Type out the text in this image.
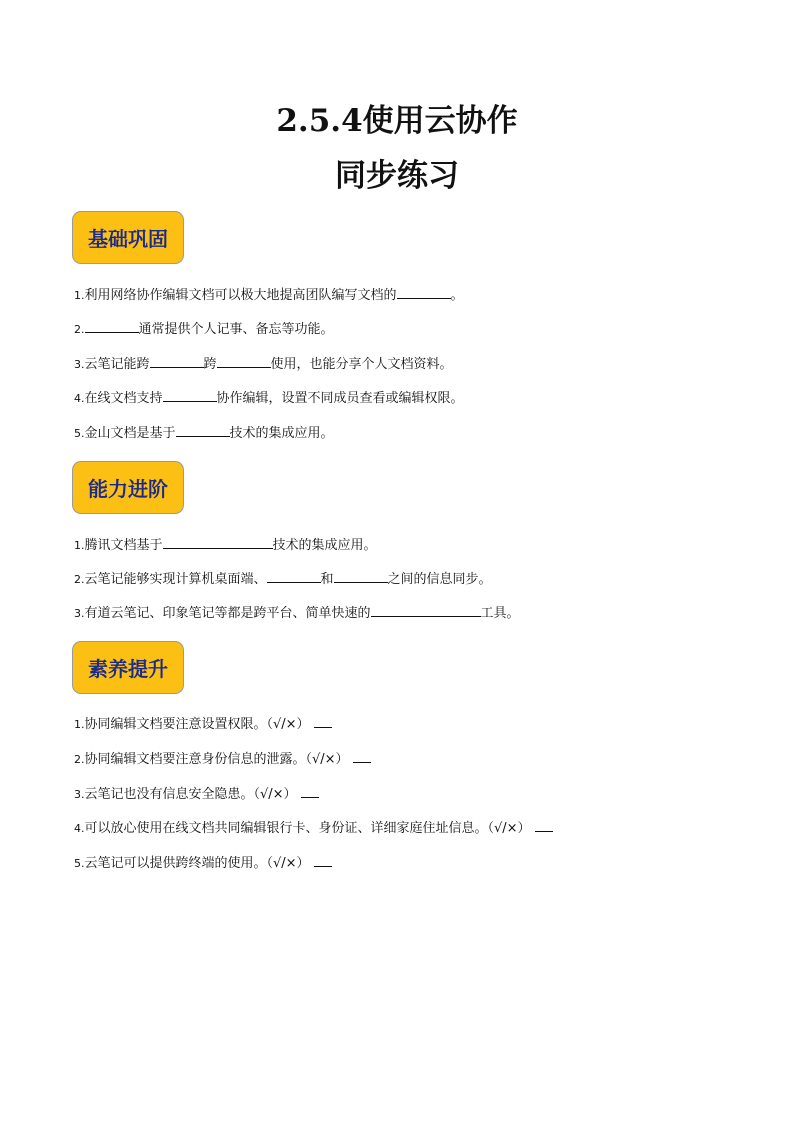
2.5.4使用云协作
同步练习
基础巩固
1.利用网络协作编辑文档可以极大地提高团队编写文档的	。
2.	通常提供个人记事、备忘等功能。
3.云笔记能跨	跨	使用，也能分享个人文档资料。
4.在线文档支持	协作编辑，设置不同成员查看或编辑权限。
5.金山文档是基于	技术的集成应用。
能力进阶
1.腾讯文档基于	技术的集成应用。
2.云笔记能够实现计算机桌面端、	和	之间的信息同步。
3.有道云笔记、印象笔记等都是跨平台、简单快速的	工具。
素养提升
1.协同编辑文档要注意设置权限。（√/×）
2.协同编辑文档要注意身份信息的泄露。（√/×）
3.云笔记也没有信息安全隐患。（√/×）
4.可以放心使用在线文档共同编辑银行卡、身份证、详细家庭住址信息。（√/×）
5.云笔记可以提供跨终端的使用。（√/×）
